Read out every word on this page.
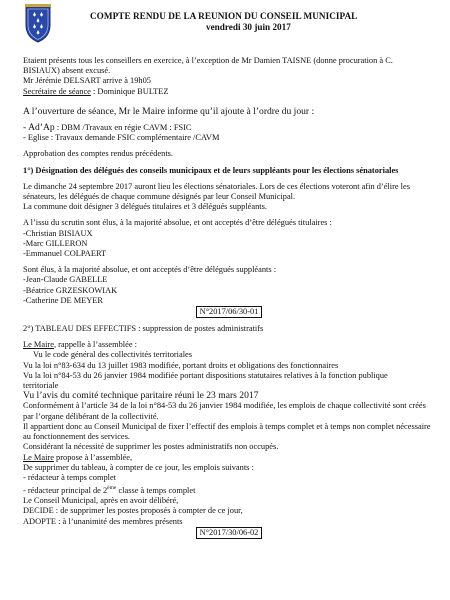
COMPTE RENDU DE LA REUNION DU CONSEIL MUNICIPAL
vendredi 30 juin 2017
Etaient présents tous les conseillers en exercice, à l’exception de Mr Damien TAISNE (donne procuration à C.
BISIAUX) absent excusé.
Mr Jérémie DELSART arrive à 19h05
Secrétaire de séance : Dominique BULTEZ
A l’ouverture de séance, Mr le Maire informe qu’il ajoute à l’ordre du jour :
- Ad’Ap : DBM /Travaux en régie CAVM : FSIC
- Eglise : Travaux demande FSIC complémentaire /CAVM
Approbation des comptes rendus précédents.
1°) Désignation des délégués des conseils municipaux et de leurs suppléants pour les élections sénatoriales
Le dimanche 24 septembre 2017 auront lieu les élections sénatoriales. Lors de ces élections voteront afin d’élire les sénateurs, les délégués de chaque commune désignés par leur Conseil Municipal.
La commune doit désigner 3 délégués titulaires et 3 délégués suppléants.
A l’issu du scrutin sont élus, à la majorité absolue, et ont acceptés d’être délégués titulaires :
-Christian BISIAUX
-Marc GILLERON
-Emmanuel COLPAERT
Sont élus, à la majorité absolue, et ont acceptés d’être délégués suppléants :
-Jean-Claude GABELLE
-Béatrice GRZESKOWIAK
-Catherine DE MEYER
N°2017/06/30-01
2°) TABLEAU DES EFFECTIFS : suppression de postes administratifs
Le Maire, rappelle à l’assemblée :
Vu le code général des collectivités territoriales
Vu la loi n°83-634 du 13 juillet 1983 modifiée, portant droits et obligations des fonctionnaires
Vu la loi n°84-53 du 26 janvier 1984 modifiée portant dispositions statutaires relatives à la fonction publique
territoriale
Vu l’avis du comité technique paritaire réuni le 23 mars 2017
Conformément à l’article 34 de la loi n°84-53 du 26 janvier 1984 modifiée, les emplois de chaque collectivité sont créés par l’organe délibérant de la collectivité.
Il appartient donc au Conseil Municipal de fixer l’effectif des emplois à temps complet et à temps non complet nécessaire au fonctionnement des services.
Considérant la nécessité de supprimer les postes administratifs non occupés.
Le Maire propose à l’assemblée,
De supprimer du tableau, à compter de ce jour, les emplois suivants :
- rédacteur à temps complet
- rédacteur principal de 2ème classe à temps complet
Le Conseil Municipal, après en avoir délibéré,
DECIDE : de supprimer les postes proposés à compter de ce jour,
ADOPTE : à l’unanimité des membres présents
N°2017/30/06-02
